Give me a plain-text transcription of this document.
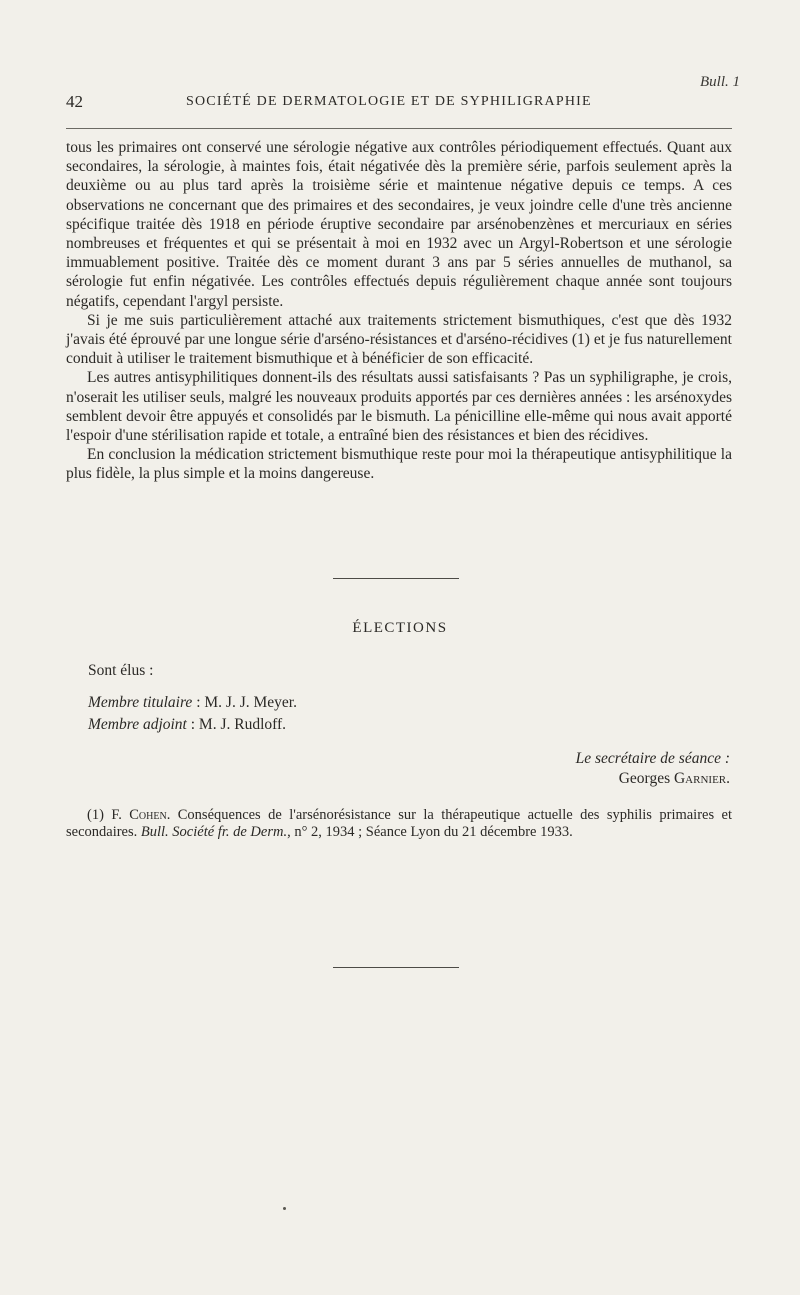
Bull. 1
42	SOCIÉTÉ DE DERMATOLOGIE ET DE SYPHILIGRAPHIE

tous les primaires ont conservé une sérologie négative aux contrôles périodiquement effectués. Quant aux secondaires, la sérologie, à maintes fois, était négativée dès la première série, parfois seulement après la deuxième ou au plus tard après la troisième série et maintenue négative depuis ce temps. A ces observations ne concernant que des primaires et des secondaires, je veux joindre celle d'une très ancienne spécifique traitée dès 1918 en période éruptive secondaire par arsénobenzènes et mercuriaux en séries nombreuses et fréquentes et qui se présentait à moi en 1932 avec un Argyl-Robertson et une sérologie immuablement positive. Traitée dès ce moment durant 3 ans par 5 séries annuelles de muthanol, sa sérologie fut enfin négativée. Les contrôles effectués depuis régulièrement chaque année sont toujours négatifs, cependant l'argyl persiste.

Si je me suis particulièrement attaché aux traitements strictement bismuthiques, c'est que dès 1932 j'avais été éprouvé par une longue série d'arséno-résistances et d'arséno-récidives (1) et je fus naturellement conduit à utiliser le traitement bismuthique et à bénéficier de son efficacité.

Les autres antisyphilitiques donnent-ils des résultats aussi satisfaisants ? Pas un syphiligraphe, je crois, n'oserait les utiliser seuls, malgré les nouveaux produits apportés par ces dernières années : les arsénoxydes semblent devoir être appuyés et consolidés par le bismuth. La pénicilline elle-même qui nous avait apporté l'espoir d'une stérilisation rapide et totale, a entraîné bien des résistances et bien des récidives.

En conclusion la médication strictement bismuthique reste pour moi la thérapeutique antisyphilitique la plus fidèle, la plus simple et la moins dangereuse.

ÉLECTIONS
Sont élus :
Membre titulaire : M. J. J. Meyer.
Membre adjoint : M. J. Rudloff.
Le secrétaire de séance :
Georges Garnier.
(1) F. Cohen. Conséquences de l'arsénorésistance sur la thérapeutique actuelle des syphilis primaires et secondaires. Bull. Société fr. de Derm., n° 2, 1934 ; Séance Lyon du 21 décembre 1933.
